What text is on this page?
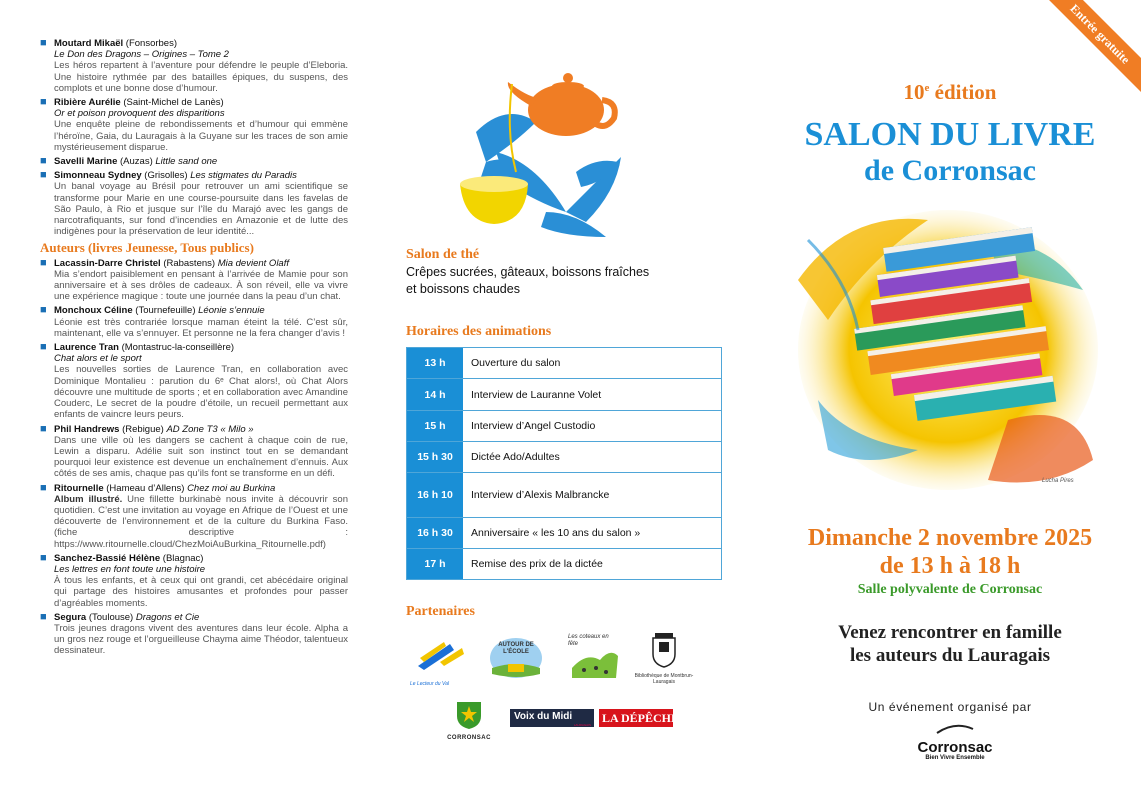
■ Moutard Mikaël (Fonsorbes)
Le Don des Dragons – Origines – Tome 2
Les héros repartent à l’aventure pour défendre le peuple d’Eleboria. Une histoire rythmée par des batailles épiques, du suspens, des complots et une bonne dose d’humour.
■ Ribière Aurélie (Saint-Michel de Lanès)
Or et poison provoquent des disparitions
Une enquête pleine de rebondissements et d’humour qui emmène l’héroïne, Gaia, du Lauragais à la Guyane sur les traces de son amie mystérieusement disparue.
■ Savelli Marine (Auzas) Little sand one
■ Simonneau Sydney (Grisolles) Les stigmates du Paradis
Un banal voyage au Brésil pour retrouver un ami scientifique se transforme pour Marie en une course-poursuite dans les favelas de São Paulo, à Rio et jusque sur l’île du Marajó avec les gangs de narcotrafiquants, sur fond d’incendies en Amazonie et de lutte des indigènes pour la préservation de leur identité...
Auteurs (livres Jeunesse, Tous publics)
■ Lacassin-Darre Christel (Rabastens) Mia devient Olaff
Mia s’endort paisiblement en pensant à l’arrivée de Mamie pour son anniversaire et à ses drôles de cadeaux. À son réveil, elle va vivre une expérience magique : toute une journée dans la peau d’un chat.
■ Monchoux Céline (Tournefeuille) Léonie s’ennuie
Léonie est très contrariée lorsque maman éteint la télé. C’est sûr, maintenant, elle va s’ennuyer. Et personne ne la fera changer d’avis !
■ Laurence Tran (Montastruc-la-conseillère)
Chat alors et le sport
Les nouvelles sorties de Laurence Tran, en collaboration avec Dominique Montalieu : parution du 6ᵉ Chat alors!, où Chat Alors découvre une multitude de sports ; et en collaboration avec Amandine Couderc, Le secret de la poudre d’étoile, un recueil permettant aux enfants de vaincre leurs peurs.
■ Phil Handrews (Rebigue) AD Zone T3 « Milo »
Dans une ville où les dangers se cachent à chaque coin de rue, Lewin a disparu. Adélie suit son instinct tout en se demandant pourquoi leur existence est devenue un enchaînement d’ennuis. Aux côtés de ses amis, chaque pas qu’ils font se transforme en un défi.
■ Ritournelle (Hameau d’Allens) Chez moi au Burkina
Album illustré. Une fillette burkinabè nous invite à découvrir son quotidien. C’est une invitation au voyage en Afrique de l’Ouest et une découverte de l’environnement et de la culture du Burkina Faso. (fiche descriptive : https://www.ritournelle.cloud/ChezMoiAuBurkina_Ritournelle.pdf)
■ Sanchez-Bassié Hélène (Blagnac)
Les lettres en font toute une histoire
À tous les enfants, et à ceux qui ont grandi, cet abécédaire original qui partage des histoires amusantes et profondes pour passer d’agréables moments.
■ Segura (Toulouse) Dragons et Cie
Trois jeunes dragons vivent des aventures dans leur école. Alpha a un gros nez rouge et l’orgueilleuse Chayma aime Théodor, talentueux dessinateur.
Salon de thé
Crêpes sucrées, gâteaux, boissons fraîches
et boissons chaudes
Horaires des animations
13 h	Ouverture du salon
14 h	Interview de Lauranne Volet
15 h	Interview d’Angel Custodio
15 h 30	Dictée Ado/Adultes
16 h 10	Interview d’Alexis Malbrancke
16 h 30	Anniversaire « les 10 ans du salon »
17 h	Remise des prix de la dictée
Partenaires
Le Lecteur du Val
AUTOUR DE L'ÉCOLE
Les coteaux en fête
Bibliothèque de Montbrun-Lauragais
CORRONSAC
Voix du Midi
LAURAGAIS LA DÉPÊCHE
Entrée gratuite
10e édition
SALON DU LIVRE
de Corronsac
Lucha Pires
Dimanche 2 novembre 2025
de 13 h à 18 h
Salle polyvalente de Corronsac
Venez rencontrer en famille
les auteurs du Lauragais
Un événement organisé par
Corronsac
Bien Vivre Ensemble
